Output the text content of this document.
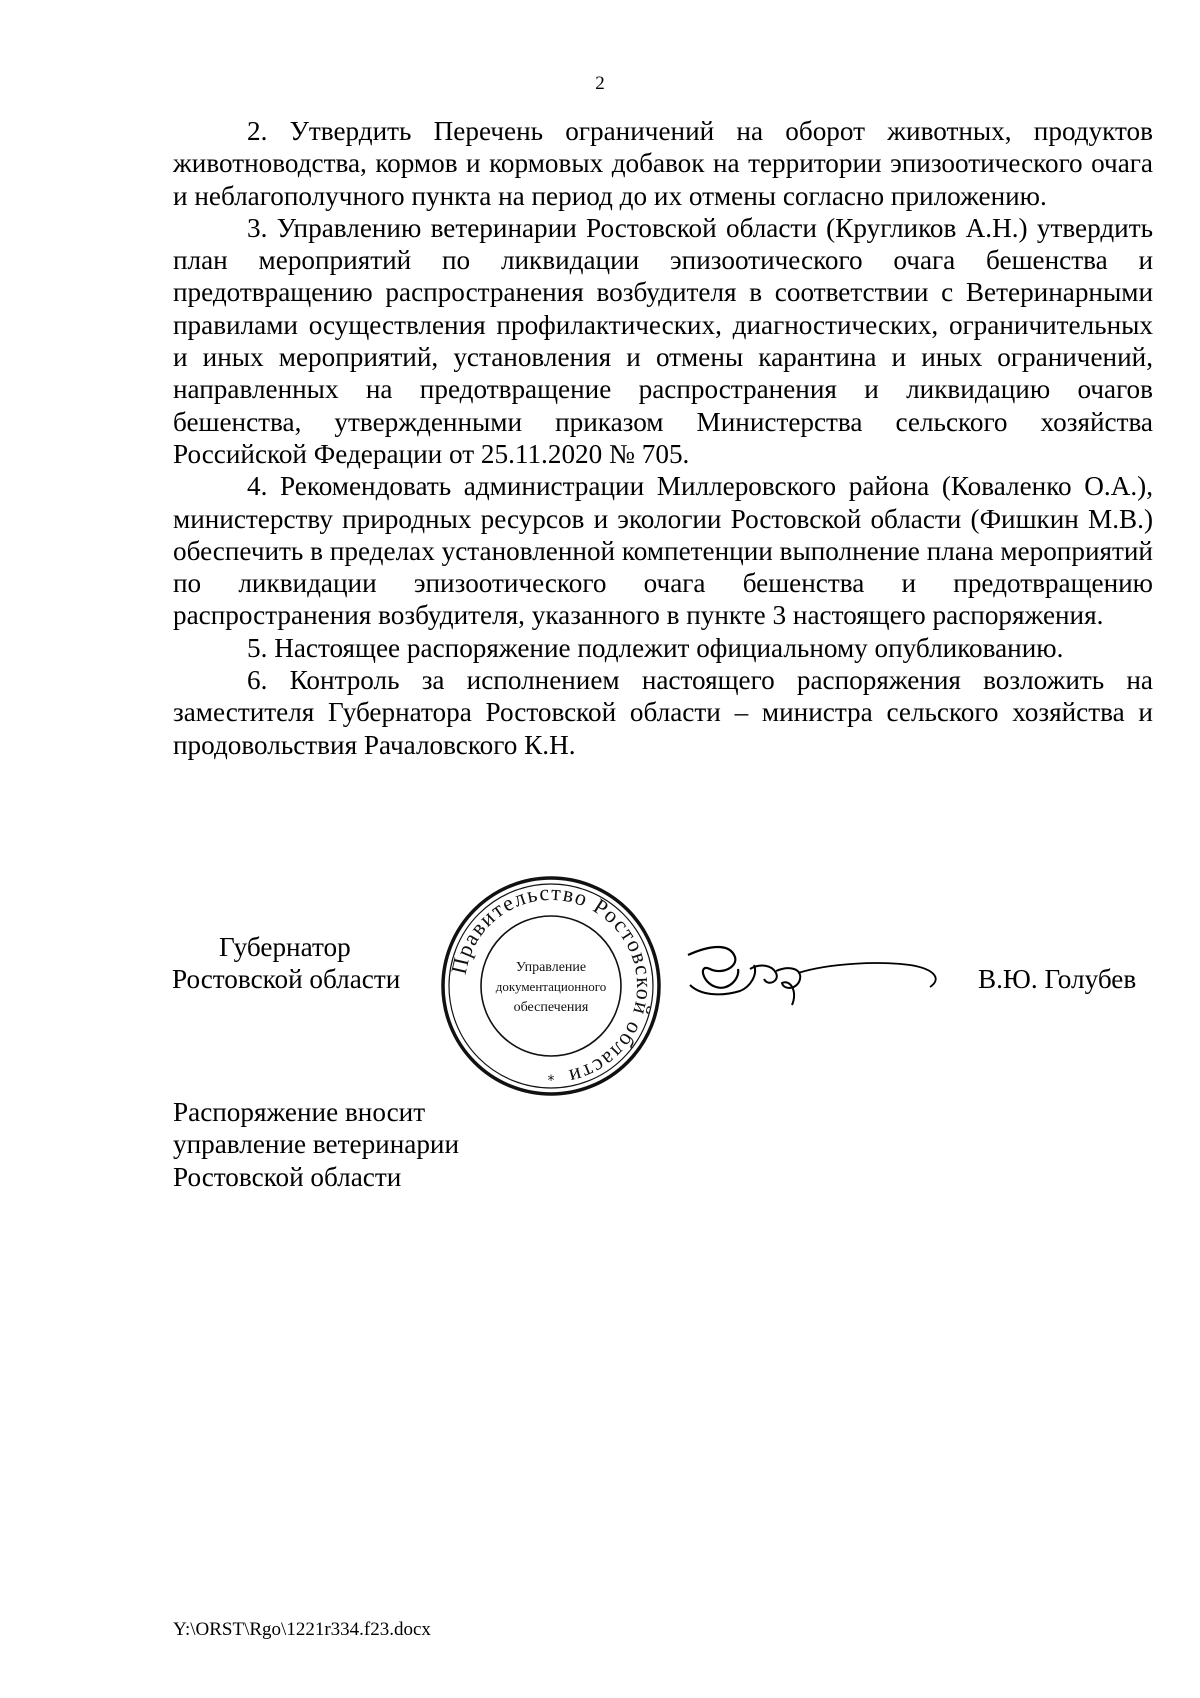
2

2. Утвердить Перечень ограничений на оборот животных, продуктов животноводства, кормов и кормовых добавок на территории эпизоотического очага и неблагополучного пункта на период до их отмены согласно приложению.

3. Управлению ветеринарии Ростовской области (Кругликов А.Н.) утвердить план мероприятий по ликвидации эпизоотического очага бешенства и предотвращению распространения возбудителя в соответствии с Ветеринарными правилами осуществления профилактических, диагностических, ограничительных и иных мероприятий, установления и отмены карантина и иных ограничений, направленных на предотвращение распространения и ликвидацию очагов бешенства, утвержденными приказом Министерства сельского хозяйства Российской Федерации от 25.11.2020 № 705.

4. Рекомендовать администрации Миллеровского района (Коваленко О.А.), министерству природных ресурсов и экологии Ростовской области (Фишкин М.В.) обеспечить в пределах установленной компетенции выполнение плана мероприятий по ликвидации эпизоотического очага бешенства и предотвращению распространения возбудителя, указанного в пункте 3 настоящего распоряжения.

5. Настоящее распоряжение подлежит официальному опубликованию.

6. Контроль за исполнением настоящего распоряжения возложить на заместителя Губернатора Ростовской области – министра сельского хозяйства и продовольствия Рачаловского К.Н.

Губернатор
Ростовской области Правительство Ростовской области
Управление
документационного
обеспечения
*
В.Ю. Голубев
Распоряжение вносит
управление ветеринарии
Ростовской области
Y:\ORST\Rgo\1221r334.f23.docx
